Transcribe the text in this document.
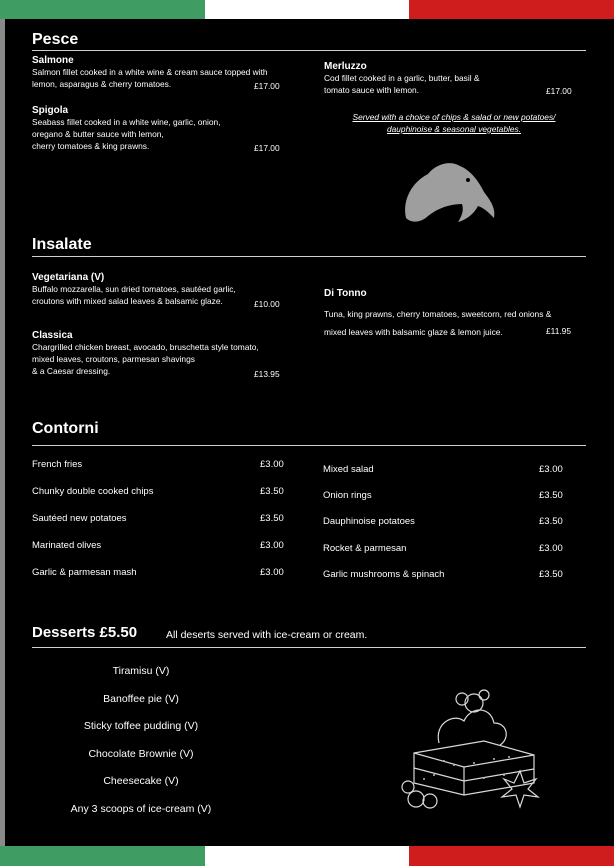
Pesce
Salmone
Salmon fillet cooked in a white wine & cream sauce topped with
lemon, asparagus & cherry tomatoes.	£17.00
Spigola
Seabass fillet cooked in a white wine, garlic, onion,
oregano & butter sauce with lemon,
cherry tomatoes & king prawns.	£17.00
Merluzzo
Cod fillet cooked in a garlic, butter, basil &
tomato sauce with lemon.	£17.00
Served with a choice of chips & salad or new potatoes/
dauphinoise & seasonal vegetables.
Insalate
Vegetariana (V)
Buffalo mozzarella, sun dried tomatoes, sautéed garlic,
croutons with mixed salad leaves & balsamic glaze.	£10.00
Classica
Chargrilled chicken breast, avocado, bruschetta style tomato,
mixed leaves, croutons, parmesan shavings
& a Caesar dressing.	£13.95
Di Tonno
Tuna, king prawns, cherry tomatoes, sweetcorn, red onions &
mixed leaves with balsamic glaze & lemon juice.	£11.95
Contorni
French fries	£3.00
Chunky double cooked chips	£3.50
Sautéed new potatoes	£3.50
Marinated olives	£3.00
Garlic & parmesan mash	£3.00
Mixed salad	£3.00
Onion rings	£3.50
Dauphinoise potatoes	£3.50
Rocket & parmesan	£3.00
Garlic mushrooms & spinach	£3.50
Desserts £5.50	All deserts served with ice-cream or cream.
Tiramisu (V)
Banoffee pie (V)
Sticky toffee pudding (V)
Chocolate Brownie (V)
Cheesecake (V)
Any 3 scoops of ice-cream (V)
